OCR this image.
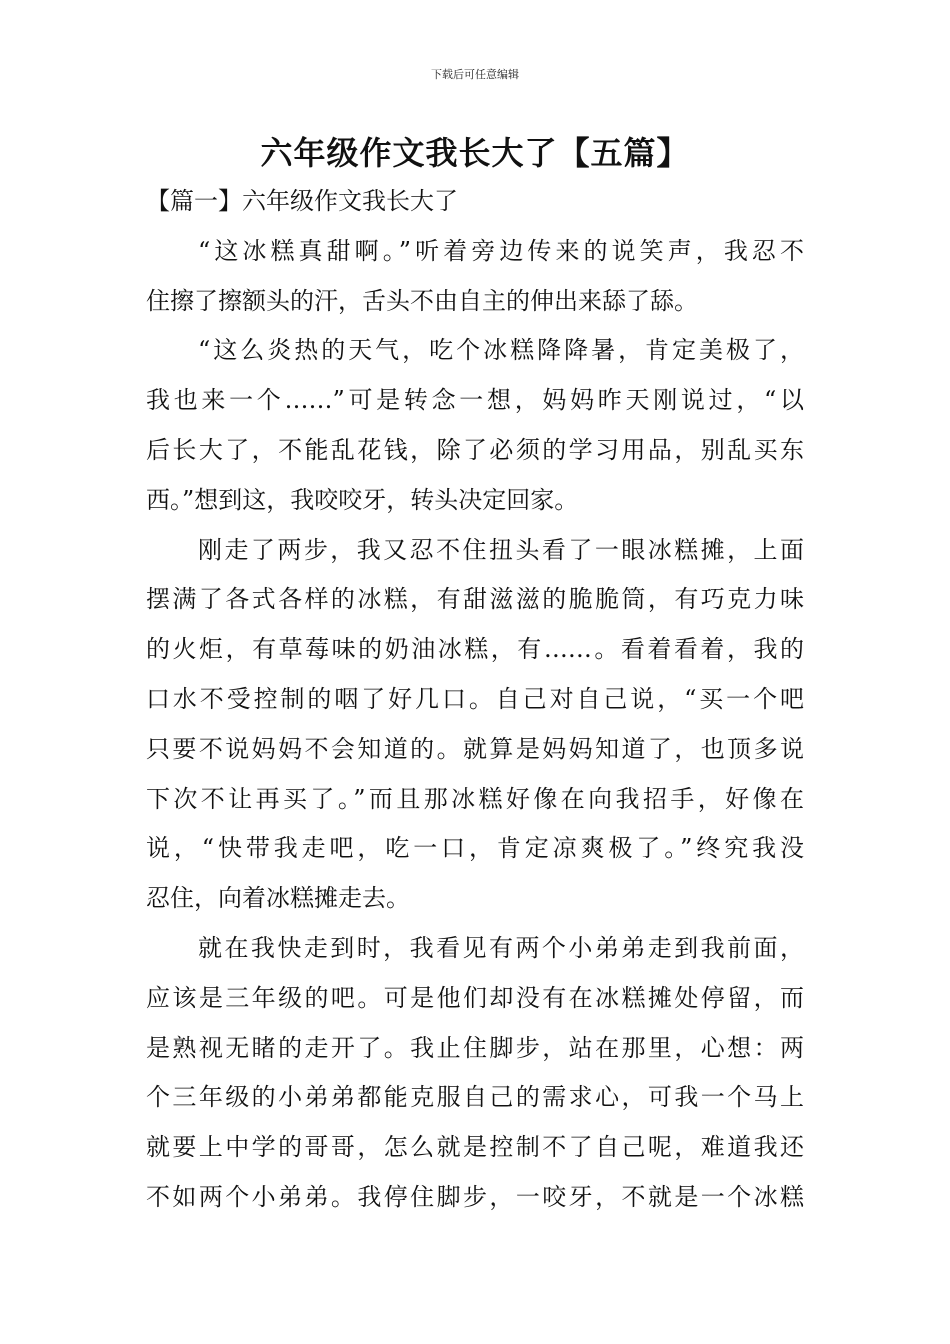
下载后可任意编辑
六年级作文我长大了【五篇】
【篇一】六年级作文我长大了
“这冰糕真甜啊。”听着旁边传来的说笑声，我忍不
住擦了擦额头的汗，舌头不由自主的伸出来舔了舔。
“这么炎热的天气，吃个冰糕降降暑，肯定美极了，
我也来一个……”可是转念一想，妈妈昨天刚说过，“以
后长大了，不能乱花钱，除了必须的学习用品，别乱买东
西。”想到这，我咬咬牙，转头决定回家。
刚走了两步，我又忍不住扭头看了一眼冰糕摊，上面
摆满了各式各样的冰糕，有甜滋滋的脆脆筒，有巧克力味
的火炬，有草莓味的奶油冰糕，有……。看着看着，我的
口水不受控制的咽了好几口。自己对自己说，“买一个吧
只要不说妈妈不会知道的。就算是妈妈知道了，也顶多说
下次不让再买了。”而且那冰糕好像在向我招手，好像在
说，“快带我走吧，吃一口，肯定凉爽极了。”终究我没
忍住，向着冰糕摊走去。
就在我快走到时，我看见有两个小弟弟走到我前面，
应该是三年级的吧。可是他们却没有在冰糕摊处停留，而
是熟视无睹的走开了。我止住脚步，站在那里，心想：两
个三年级的小弟弟都能克服自己的需求心，可我一个马上
就要上中学的哥哥，怎么就是控制不了自己呢，难道我还
不如两个小弟弟。我停住脚步，一咬牙，不就是一个冰糕
